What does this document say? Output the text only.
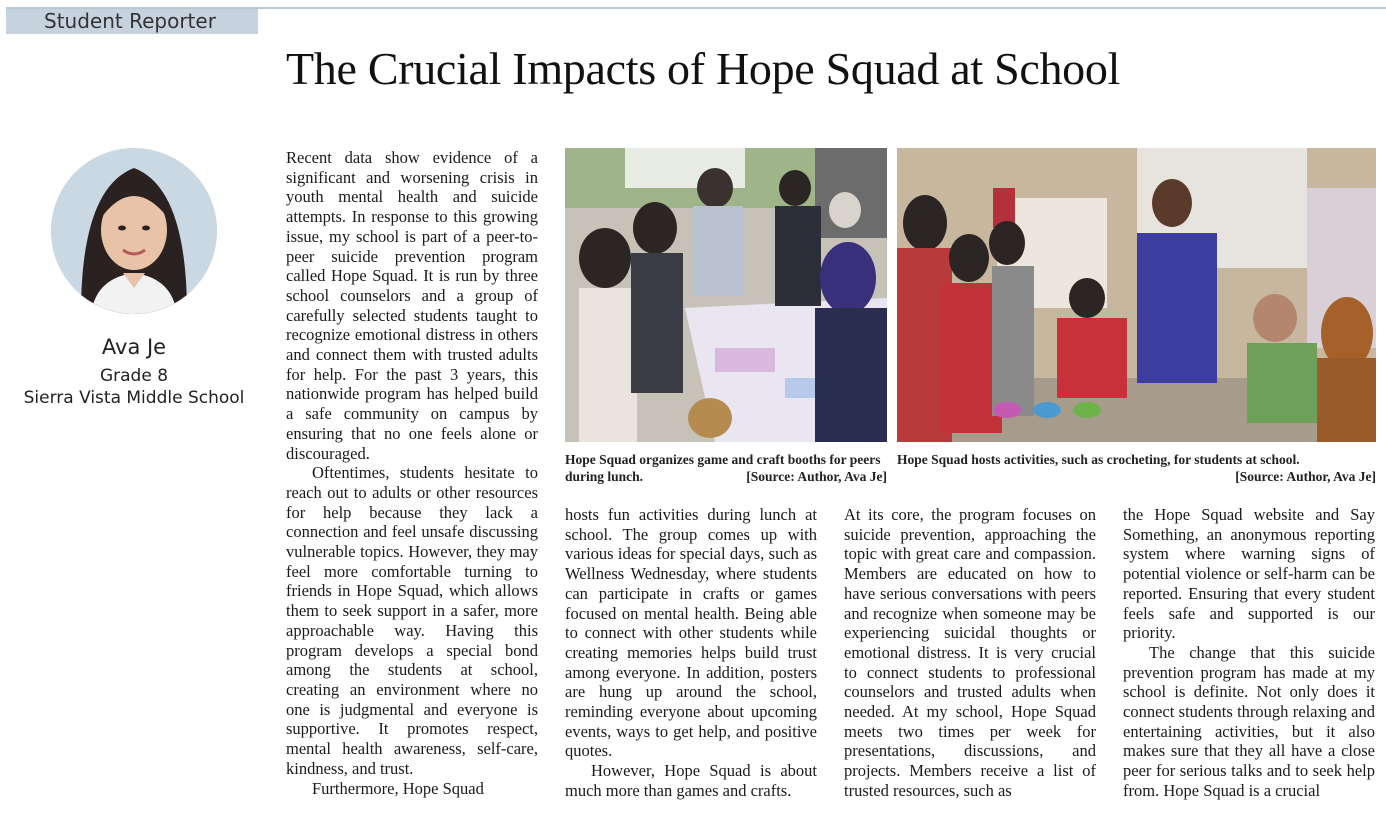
Student Reporter
The Crucial Impacts of Hope Squad at School
Ava Je
Grade 8
Sierra Vista Middle School

Recent data show evidence of a significant and worsening crisis in youth mental health and suicide attempts. In response to this growing issue, my school is part of a peer-to-peer suicide prevention program called Hope Squad. It is run by three school counselors and a group of carefully selected students taught to recognize emotional distress in others and connect them with trusted adults for help. For the past 3 years, this nationwide program has helped build a safe community on campus by ensuring that no one feels alone or discouraged.

Oftentimes, students hesitate to reach out to adults or other resources for help because they lack a connection and feel unsafe discussing vulnerable topics. However, they may feel more comfortable turning to friends in Hope Squad, which allows them to seek support in a safer, more approachable way. Having this program develops a special bond among the students at school, creating an environment where no one is judgmental and everyone is supportive. It promotes respect, mental health awareness, self-care, kindness, and trust.

Furthermore, Hope Squad

Hope Squad organizes game and craft booths for peers during lunch.	[Source: Author, Ava Je]
Hope Squad hosts activities, such as crocheting, for students at school.
[Source: Author, Ava Je]

hosts fun activities during lunch at school. The group comes up with various ideas for special days, such as Wellness Wednesday, where students can participate in crafts or games focused on mental health. Being able to connect with other students while creating memories helps build trust among everyone. In addition, posters are hung up around the school, reminding everyone about upcoming events, ways to get help, and positive quotes.

However, Hope Squad is about much more than games and crafts.

At its core, the program focuses on suicide prevention, approaching the topic with great care and compassion. Members are educated on how to have serious conversations with peers and recognize when someone may be experiencing suicidal thoughts or emotional distress. It is very crucial to connect students to professional counselors and trusted adults when needed. At my school, Hope Squad meets two times per week for presentations, discussions, and projects. Members receive a list of trusted resources, such as

the Hope Squad website and Say Something, an anonymous reporting system where warning signs of potential violence or self-harm can be reported. Ensuring that every student feels safe and supported is our priority.

The change that this suicide prevention program has made at my school is definite. Not only does it connect students through relaxing and entertaining activities, but it also makes sure that they all have a close peer for serious talks and to seek help from. Hope Squad is a crucial
